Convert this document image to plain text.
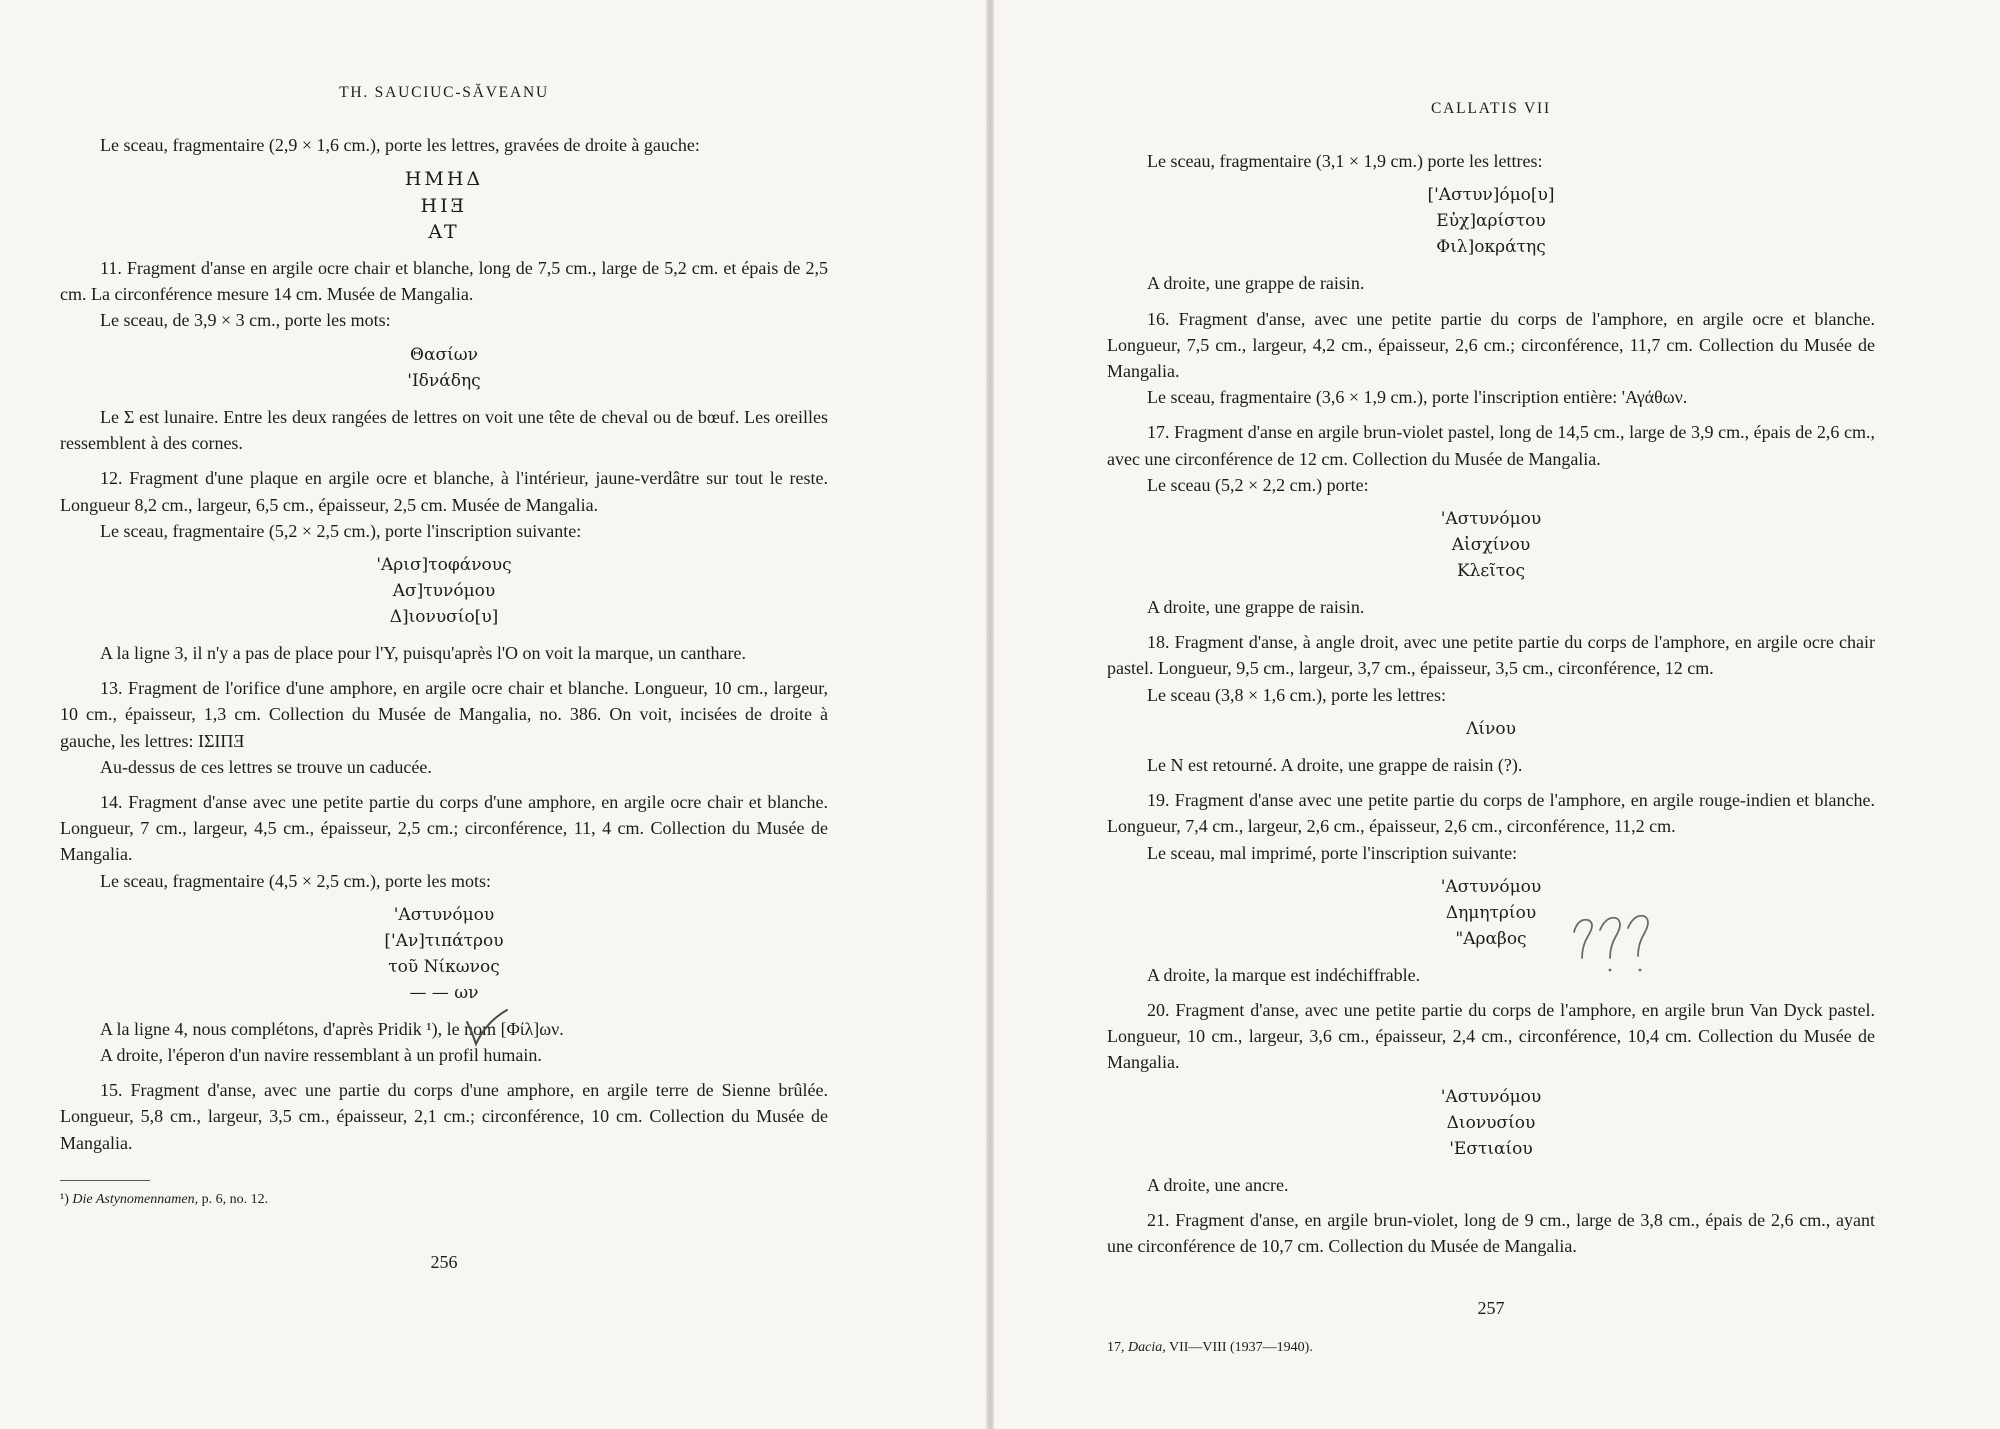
TH. SAUCIUC-SĂVEANU

Le sceau, fragmentaire (2,9 × 1,6 cm.), porte les lettres, gravées de droite à gauche:

HMHΔ
HIƎ
AT

11. Fragment d'anse en argile ocre chair et blanche, long de 7,5 cm., large de 5,2 cm. et épais de 2,5 cm. La circonférence mesure 14 cm. Musée de Mangalia.

Le sceau, de 3,9 × 3 cm., porte les mots:

Θασίων
'Ιδνάδης

Le Σ est lunaire. Entre les deux rangées de lettres on voit une tête de cheval ou de bœuf. Les oreilles ressemblent à des cornes.

12. Fragment d'une plaque en argile ocre et blanche, à l'intérieur, jaune-verdâtre sur tout le reste. Longueur 8,2 cm., largeur, 6,5 cm., épaisseur, 2,5 cm. Musée de Mangalia.

Le sceau, fragmentaire (5,2 × 2,5 cm.), porte l'inscription suivante:

'Αρισ]τοφάνους
Ασ]τυνόμου
Δ]ιονυσίο[υ]

A la ligne 3, il n'y a pas de place pour l'Y, puisqu'après l'O on voit la marque, un canthare.

13. Fragment de l'orifice d'une amphore, en argile ocre chair et blanche. Longueur, 10 cm., largeur, 10 cm., épaisseur, 1,3 cm. Collection du Musée de Mangalia, no. 386. On voit, incisées de droite à gauche, les lettres: IΣIΠƎ

Au-dessus de ces lettres se trouve un caducée.

14. Fragment d'anse avec une petite partie du corps d'une amphore, en argile ocre chair et blanche. Longueur, 7 cm., largeur, 4,5 cm., épaisseur, 2,5 cm.; circonférence, 11, 4 cm. Collection du Musée de Mangalia.

Le sceau, fragmentaire (4,5 × 2,5 cm.), porte les mots:

'Αστυνόμου
['Αν]τιπάτρου
τοῦ Νίκωνος
— — ων

A la ligne 4, nous complétons, d'après Pridik ¹), le nom [Φίλ]ων.

A droite, l'éperon d'un navire ressemblant à un profil humain.

15. Fragment d'anse, avec une partie du corps d'une amphore, en argile terre de Sienne brûlée. Longueur, 5,8 cm., largeur, 3,5 cm., épaisseur, 2,1 cm.; circonférence, 10 cm. Collection du Musée de Mangalia.

¹) Die Astynomennamen, p. 6, no. 12.

256
CALLATIS VII

Le sceau, fragmentaire (3,1 × 1,9 cm.) porte les lettres:

['Αστυν]όμο[υ]
Εὐχ]αρίστου
Φιλ]οκράτης

A droite, une grappe de raisin.

16. Fragment d'anse, avec une petite partie du corps de l'amphore, en argile ocre et blanche. Longueur, 7,5 cm., largeur, 4,2 cm., épaisseur, 2,6 cm.; circonférence, 11,7 cm. Collection du Musée de Mangalia.

Le sceau, fragmentaire (3,6 × 1,9 cm.), porte l'inscription entière: 'Αγάθων.

17. Fragment d'anse en argile brun-violet pastel, long de 14,5 cm., large de 3,9 cm., épais de 2,6 cm., avec une circonférence de 12 cm. Collection du Musée de Mangalia.

Le sceau (5,2 × 2,2 cm.) porte:

'Αστυνόμου
Αἰσχίνου
Κλεῖτος

A droite, une grappe de raisin.

18. Fragment d'anse, à angle droit, avec une petite partie du corps de l'amphore, en argile ocre chair pastel. Longueur, 9,5 cm., largeur, 3,7 cm., épaisseur, 3,5 cm., circonférence, 12 cm.

Le sceau (3,8 × 1,6 cm.), porte les lettres:

Λίνου

Le N est retourné. A droite, une grappe de raisin (?).

19. Fragment d'anse avec une petite partie du corps de l'amphore, en argile rouge-indien et blanche. Longueur, 7,4 cm., largeur, 2,6 cm., épaisseur, 2,6 cm., circonférence, 11,2 cm.

Le sceau, mal imprimé, porte l'inscription suivante:

'Αστυνόμου
Δημητρίου
"Αραβος

A droite, la marque est indéchiffrable.

20. Fragment d'anse, avec une petite partie du corps de l'amphore, en argile brun Van Dyck pastel. Longueur, 10 cm., largeur, 3,6 cm., épaisseur, 2,4 cm., circonférence, 10,4 cm. Collection du Musée de Mangalia.

'Αστυνόμου
Διονυσίου
'Εστιαίου

A droite, une ancre.

21. Fragment d'anse, en argile brun-violet, long de 9 cm., large de 3,8 cm., épais de 2,6 cm., ayant une circonférence de 10,7 cm. Collection du Musée de Mangalia.

257

17, Dacia, VII—VIII (1937—1940).
